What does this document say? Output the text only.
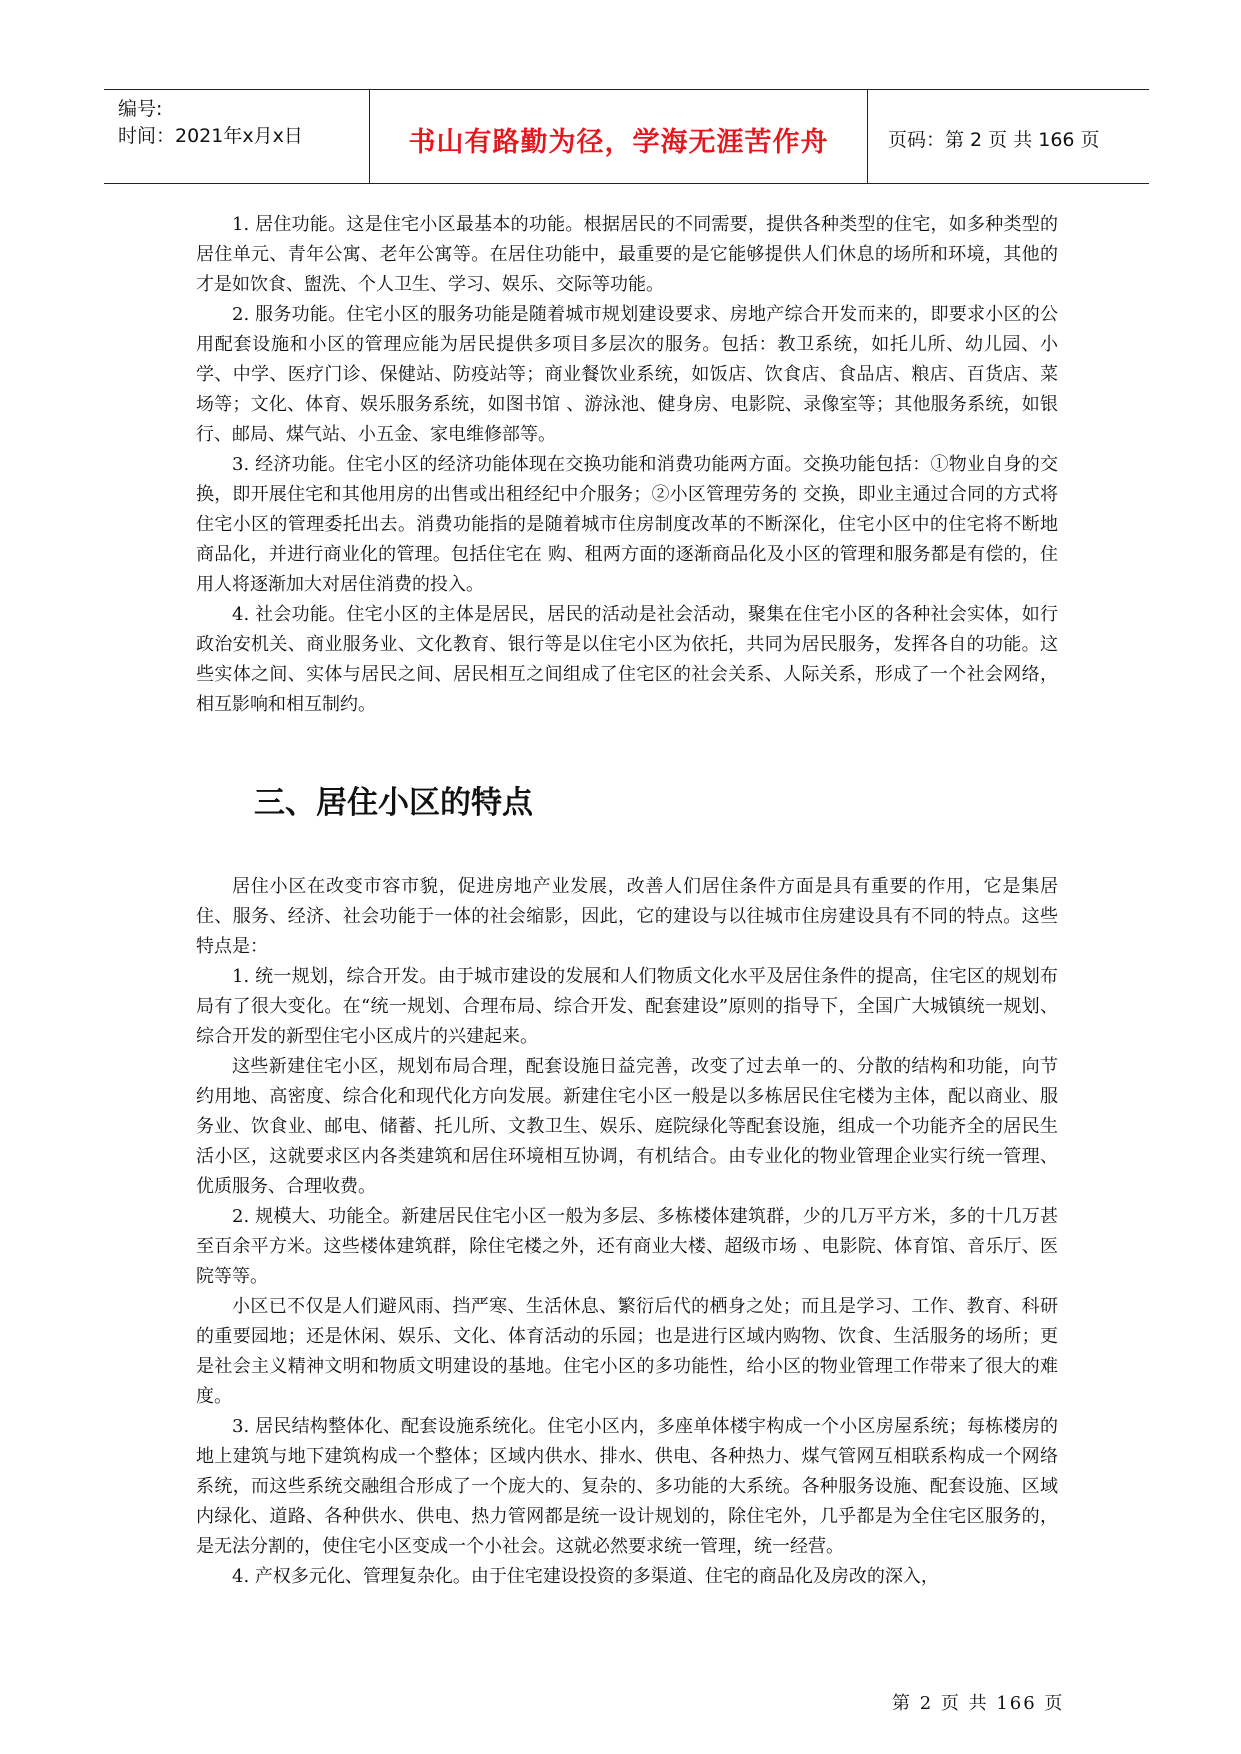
编号:
时间：2021年x月x日	书山有路勤为径，学海无涯苦作舟	页码：第 2 页 共 166 页

1. 居住功能。这是住宅小区最基本的功能。根据居民的不同需要，提供各种类型的住宅，如多种类型的居住单元、青年公寓、老年公寓等。在居住功能中，最重要的是它能够提供人们休息的场所和环境，其他的才是如饮食、盥洗、个人卫生、学习、娱乐、交际等功能。

2. 服务功能。住宅小区的服务功能是随着城市规划建设要求、房地产综合开发而来的，即要求小区的公用配套设施和小区的管理应能为居民提供多项目多层次的服务。包括：教卫系统，如托儿所、幼儿园、小学、中学、医疗门诊、保健站、防疫站等；商业餐饮业系统，如饭店、饮食店、食品店、粮店、百货店、菜场等；文化、体育、娱乐服务系统，如图书馆 、游泳池、健身房、电影院、录像室等；其他服务系统，如银行、邮局、煤气站、小五金、家电维修部等。

3. 经济功能。住宅小区的经济功能体现在交换功能和消费功能两方面。交换功能包括：①物业自身的交换，即开展住宅和其他用房的出售或出租经纪中介服务；②小区管理劳务的 交换，即业主通过合同的方式将住宅小区的管理委托出去。消费功能指的是随着城市住房制度改革的不断深化，住宅小区中的住宅将不断地商品化，并进行商业化的管理。包括住宅在 购、租两方面的逐渐商品化及小区的管理和服务都是有偿的，住用人将逐渐加大对居住消费的投入。

4. 社会功能。住宅小区的主体是居民，居民的活动是社会活动，聚集在住宅小区的各种社会实体，如行政治安机关、商业服务业、文化教育、银行等是以住宅小区为依托，共同为居民服务，发挥各自的功能。这些实体之间、实体与居民之间、居民相互之间组成了住宅区的社会关系、人际关系，形成了一个社会网络，相互影响和相互制约。

三、居住小区的特点

居住小区在改变市容市貌，促进房地产业发展，改善人们居住条件方面是具有重要的作用，它是集居住、服务、经济、社会功能于一体的社会缩影，因此，它的建设与以往城市住房建设具有不同的特点。这些特点是：

1. 统一规划，综合开发。由于城市建设的发展和人们物质文化水平及居住条件的提高，住宅区的规划布局有了很大变化。在“统一规划、合理布局、综合开发、配套建设”原则的指导下，全国广大城镇统一规划、综合开发的新型住宅小区成片的兴建起来。

这些新建住宅小区，规划布局合理，配套设施日益完善，改变了过去单一的、分散的结构和功能，向节约用地、高密度、综合化和现代化方向发展。新建住宅小区一般是以多栋居民住宅楼为主体，配以商业、服务业、饮食业、邮电、储蓄、托儿所、文教卫生、娱乐、庭院绿化等配套设施，组成一个功能齐全的居民生活小区，这就要求区内各类建筑和居住环境相互协调，有机结合。由专业化的物业管理企业实行统一管理、优质服务、合理收费。

2. 规模大、功能全。新建居民住宅小区一般为多层、多栋楼体建筑群，少的几万平方米，多的十几万甚至百余平方米。这些楼体建筑群，除住宅楼之外，还有商业大楼、超级市场 、电影院、体育馆、音乐厅、医院等等。

小区已不仅是人们避风雨、挡严寒、生活休息、繁衍后代的栖身之处；而且是学习、工作、教育、科研的重要园地；还是休闲、娱乐、文化、体育活动的乐园；也是进行区域内购物、饮食、生活服务的场所；更是社会主义精神文明和物质文明建设的基地。住宅小区的多功能性，给小区的物业管理工作带来了很大的难度。

3. 居民结构整体化、配套设施系统化。住宅小区内，多座单体楼宇构成一个小区房屋系统；每栋楼房的地上建筑与地下建筑构成一个整体；区域内供水、排水、供电、各种热力、煤气管网互相联系构成一个网络系统，而这些系统交融组合形成了一个庞大的、复杂的、多功能的大系统。各种服务设施、配套设施、区域内绿化、道路、各种供水、供电、热力管网都是统一设计规划的，除住宅外，几乎都是为全住宅区服务的，是无法分割的，使住宅小区变成一个小社会。这就必然要求统一管理，统一经营。

4. 产权多元化、管理复杂化。由于住宅建设投资的多渠道、住宅的商品化及房改的深入，

第 2 页 共 166 页
